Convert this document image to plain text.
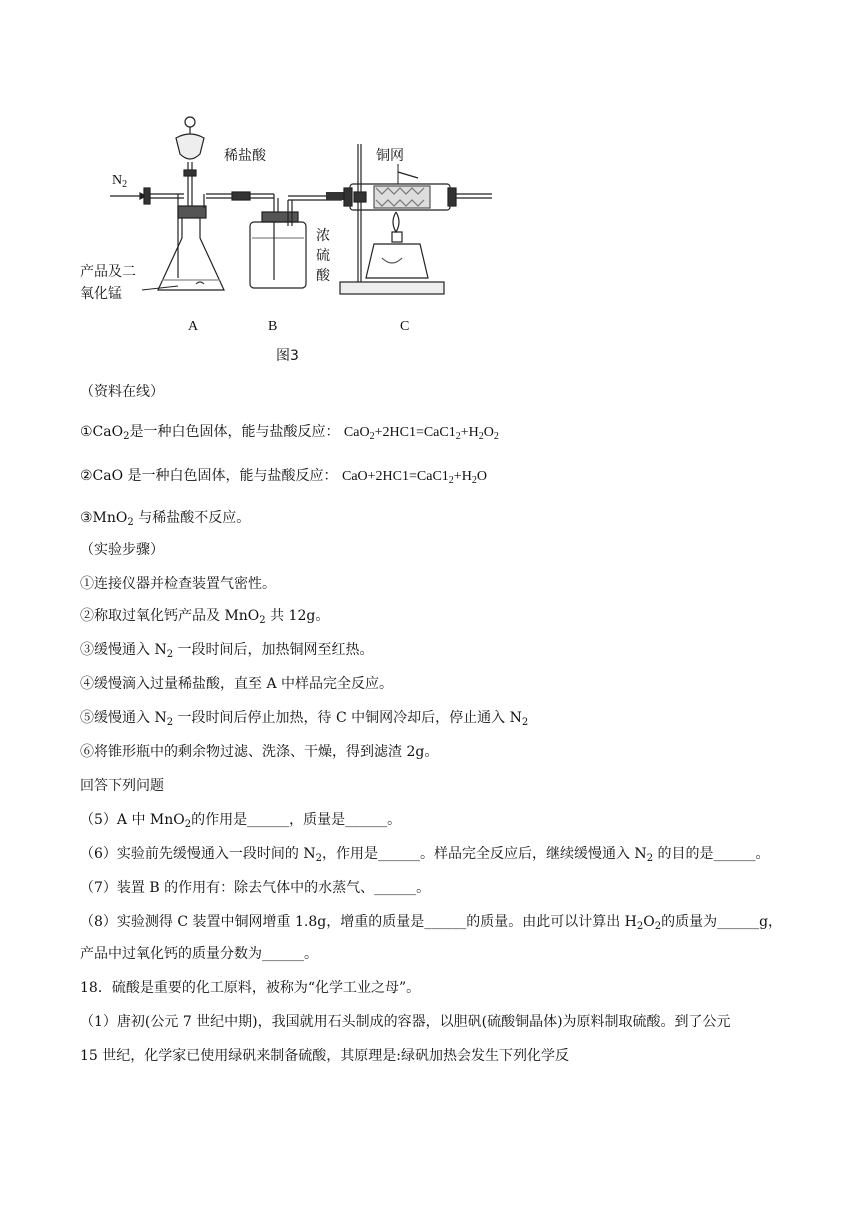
稀盐酸	铜网
$N_2$
产品及二
氧化锰
浓
硫
酸
A	B	C
图3
（资料在线）
①CaO$_2$是一种白色固体，能与盐酸反应： $CaO_2+2HC1=CaC1_2+H_2O_2$
②CaO 是一种白色固体，能与盐酸反应： $CaO+2HC1=CaC1_2+H_2O$
③MnO$_2$ 与稀盐酸不反应。
（实验步骤）
①连接仪器并检查装置气密性。
②称取过氧化钙产品及 MnO$_2$ 共 12g。
③缓慢通入 $N_2$ 一段时间后，加热铜网至红热。
④缓慢滴入过量稀盐酸，直至 A 中样品完全反应。
⑤缓慢通入 $N_2$ 一段时间后停止加热，待 C 中铜网冷却后，停止通入 $N_2$
⑥将锥形瓶中的剩余物过滤、洗涤、干燥，得到滤渣 2g。
回答下列问题
（5）A 中 MnO$_2$的作用是______，质量是______。
（6）实验前先缓慢通入一段时间的 $N_2$，作用是______。样品完全反应后，继续缓慢通入 $N_2$ 的目的是______。
（7）装置 B 的作用有：除去气体中的水蒸气、______。
（8）实验测得 C 装置中铜网增重 1.8g，增重的质量是______的质量。由此可以计算出 $H_2O_2$的质量为______g，
产品中过氧化钙的质量分数为______。
18．硫酸是重要的化工原料，被称为“化学工业之母”。
（1）唐初(公元 7 世纪中期)，我国就用石头制成的容器，以胆矾(硫酸铜晶体)为原料制取硫酸。到了公元
15 世纪，化学家已使用绿矾来制备硫酸，其原理是:绿矾加热会发生下列化学反
